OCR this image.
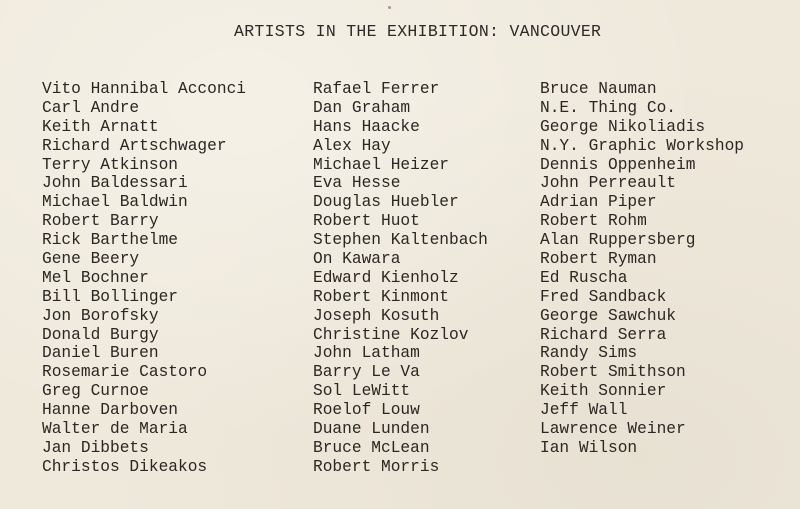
ARTISTS IN THE EXHIBITION: VANCOUVER
Vito Hannibal Acconci
Carl Andre
Keith Arnatt
Richard Artschwager
Terry Atkinson
John Baldessari
Michael Baldwin
Robert Barry
Rick Barthelme
Gene Beery
Mel Bochner
Bill Bollinger
Jon Borofsky
Donald Burgy
Daniel Buren
Rosemarie Castoro
Greg Curnoe
Hanne Darboven
Walter de Maria
Jan Dibbets
Christos Dikeakos
Rafael Ferrer
Dan Graham
Hans Haacke
Alex Hay
Michael Heizer
Eva Hesse
Douglas Huebler
Robert Huot
Stephen Kaltenbach
On Kawara
Edward Kienholz
Robert Kinmont
Joseph Kosuth
Christine Kozlov
John Latham
Barry Le Va
Sol LeWitt
Roelof Louw
Duane Lunden
Bruce McLean
Robert Morris
Bruce Nauman
N.E. Thing Co.
George Nikoliadis
N.Y. Graphic Workshop
Dennis Oppenheim
John Perreault
Adrian Piper
Robert Rohm
Alan Ruppersberg
Robert Ryman
Ed Ruscha
Fred Sandback
George Sawchuk
Richard Serra
Randy Sims
Robert Smithson
Keith Sonnier
Jeff Wall
Lawrence Weiner
Ian Wilson
